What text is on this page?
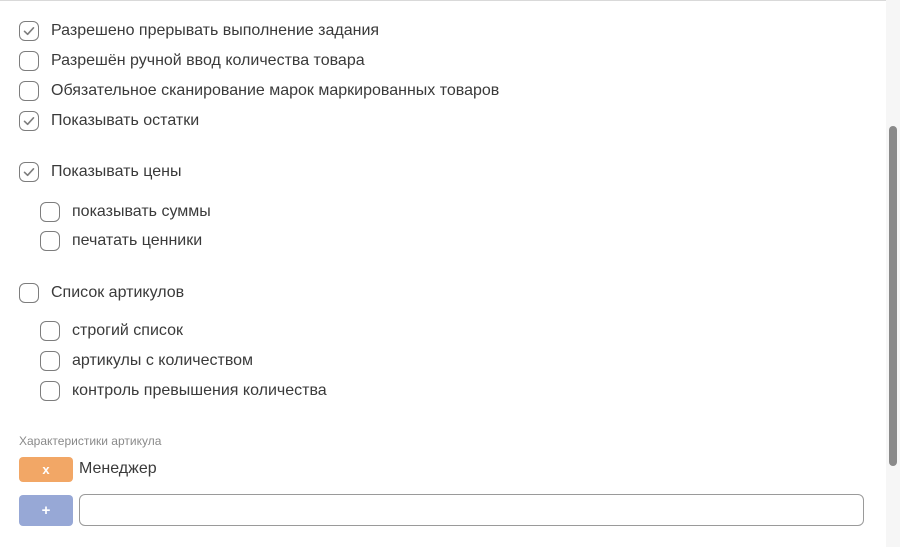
Разрешено прерывать выполнение задания
Разрешён ручной ввод количества товара
Обязательное сканирование марок маркированных товаров
Показывать остатки
Показывать цены
показывать суммы
печатать ценники
Список артикулов
строгий список
артикулы с количеством
контроль превышения количества
Характеристики артикула
x	Менеджер
+
